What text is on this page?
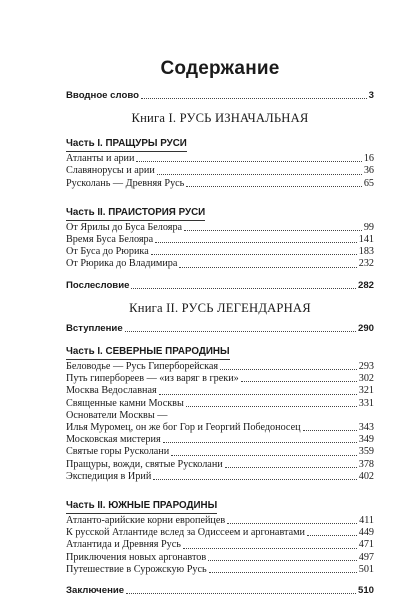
Содержание
Вводное слово	3
Книга I. РУСЬ ИЗНАЧАЛЬНАЯ
Часть I. ПРАЩУРЫ РУСИ
Атланты и арии	16
Славянорусы и арии	36
Русколань — Древняя Русь	65
Часть II. ПРАИСТОРИЯ РУСИ
От Ярилы до Буса Белояра	99
Время Буса Белояра	141
От Буса до Рюрика	183
От Рюрика до Владимира	232
Послесловие	282
Книга II. РУСЬ ЛЕГЕНДАРНАЯ
Вступление	290
Часть I. СЕВЕРНЫЕ ПРАРОДИНЫ
Беловодье — Русь Гиперборейская	293
Путь гипербореев — «из варяг в греки»	302
Москва Ведославная	321
Священные камни Москвы	331
Основатели Москвы —
Илья Муромец, он же бог Гор и Георгий Победоносец	343
Московская мистерия	349
Святые горы Русколани	359
Пращуры, вожди, святые Русколани	378
Экспедиция в Ирий	402
Часть II. ЮЖНЫЕ ПРАРОДИНЫ
Атланто-арийские корни европейцев	411
К русской Атлантиде вслед за Одиссеем и аргонавтами	449
Атлантида и Древняя Русь	471
Приключения новых аргонавтов	497
Путешествие в Сурожскую Русь	501
Заключение	510
